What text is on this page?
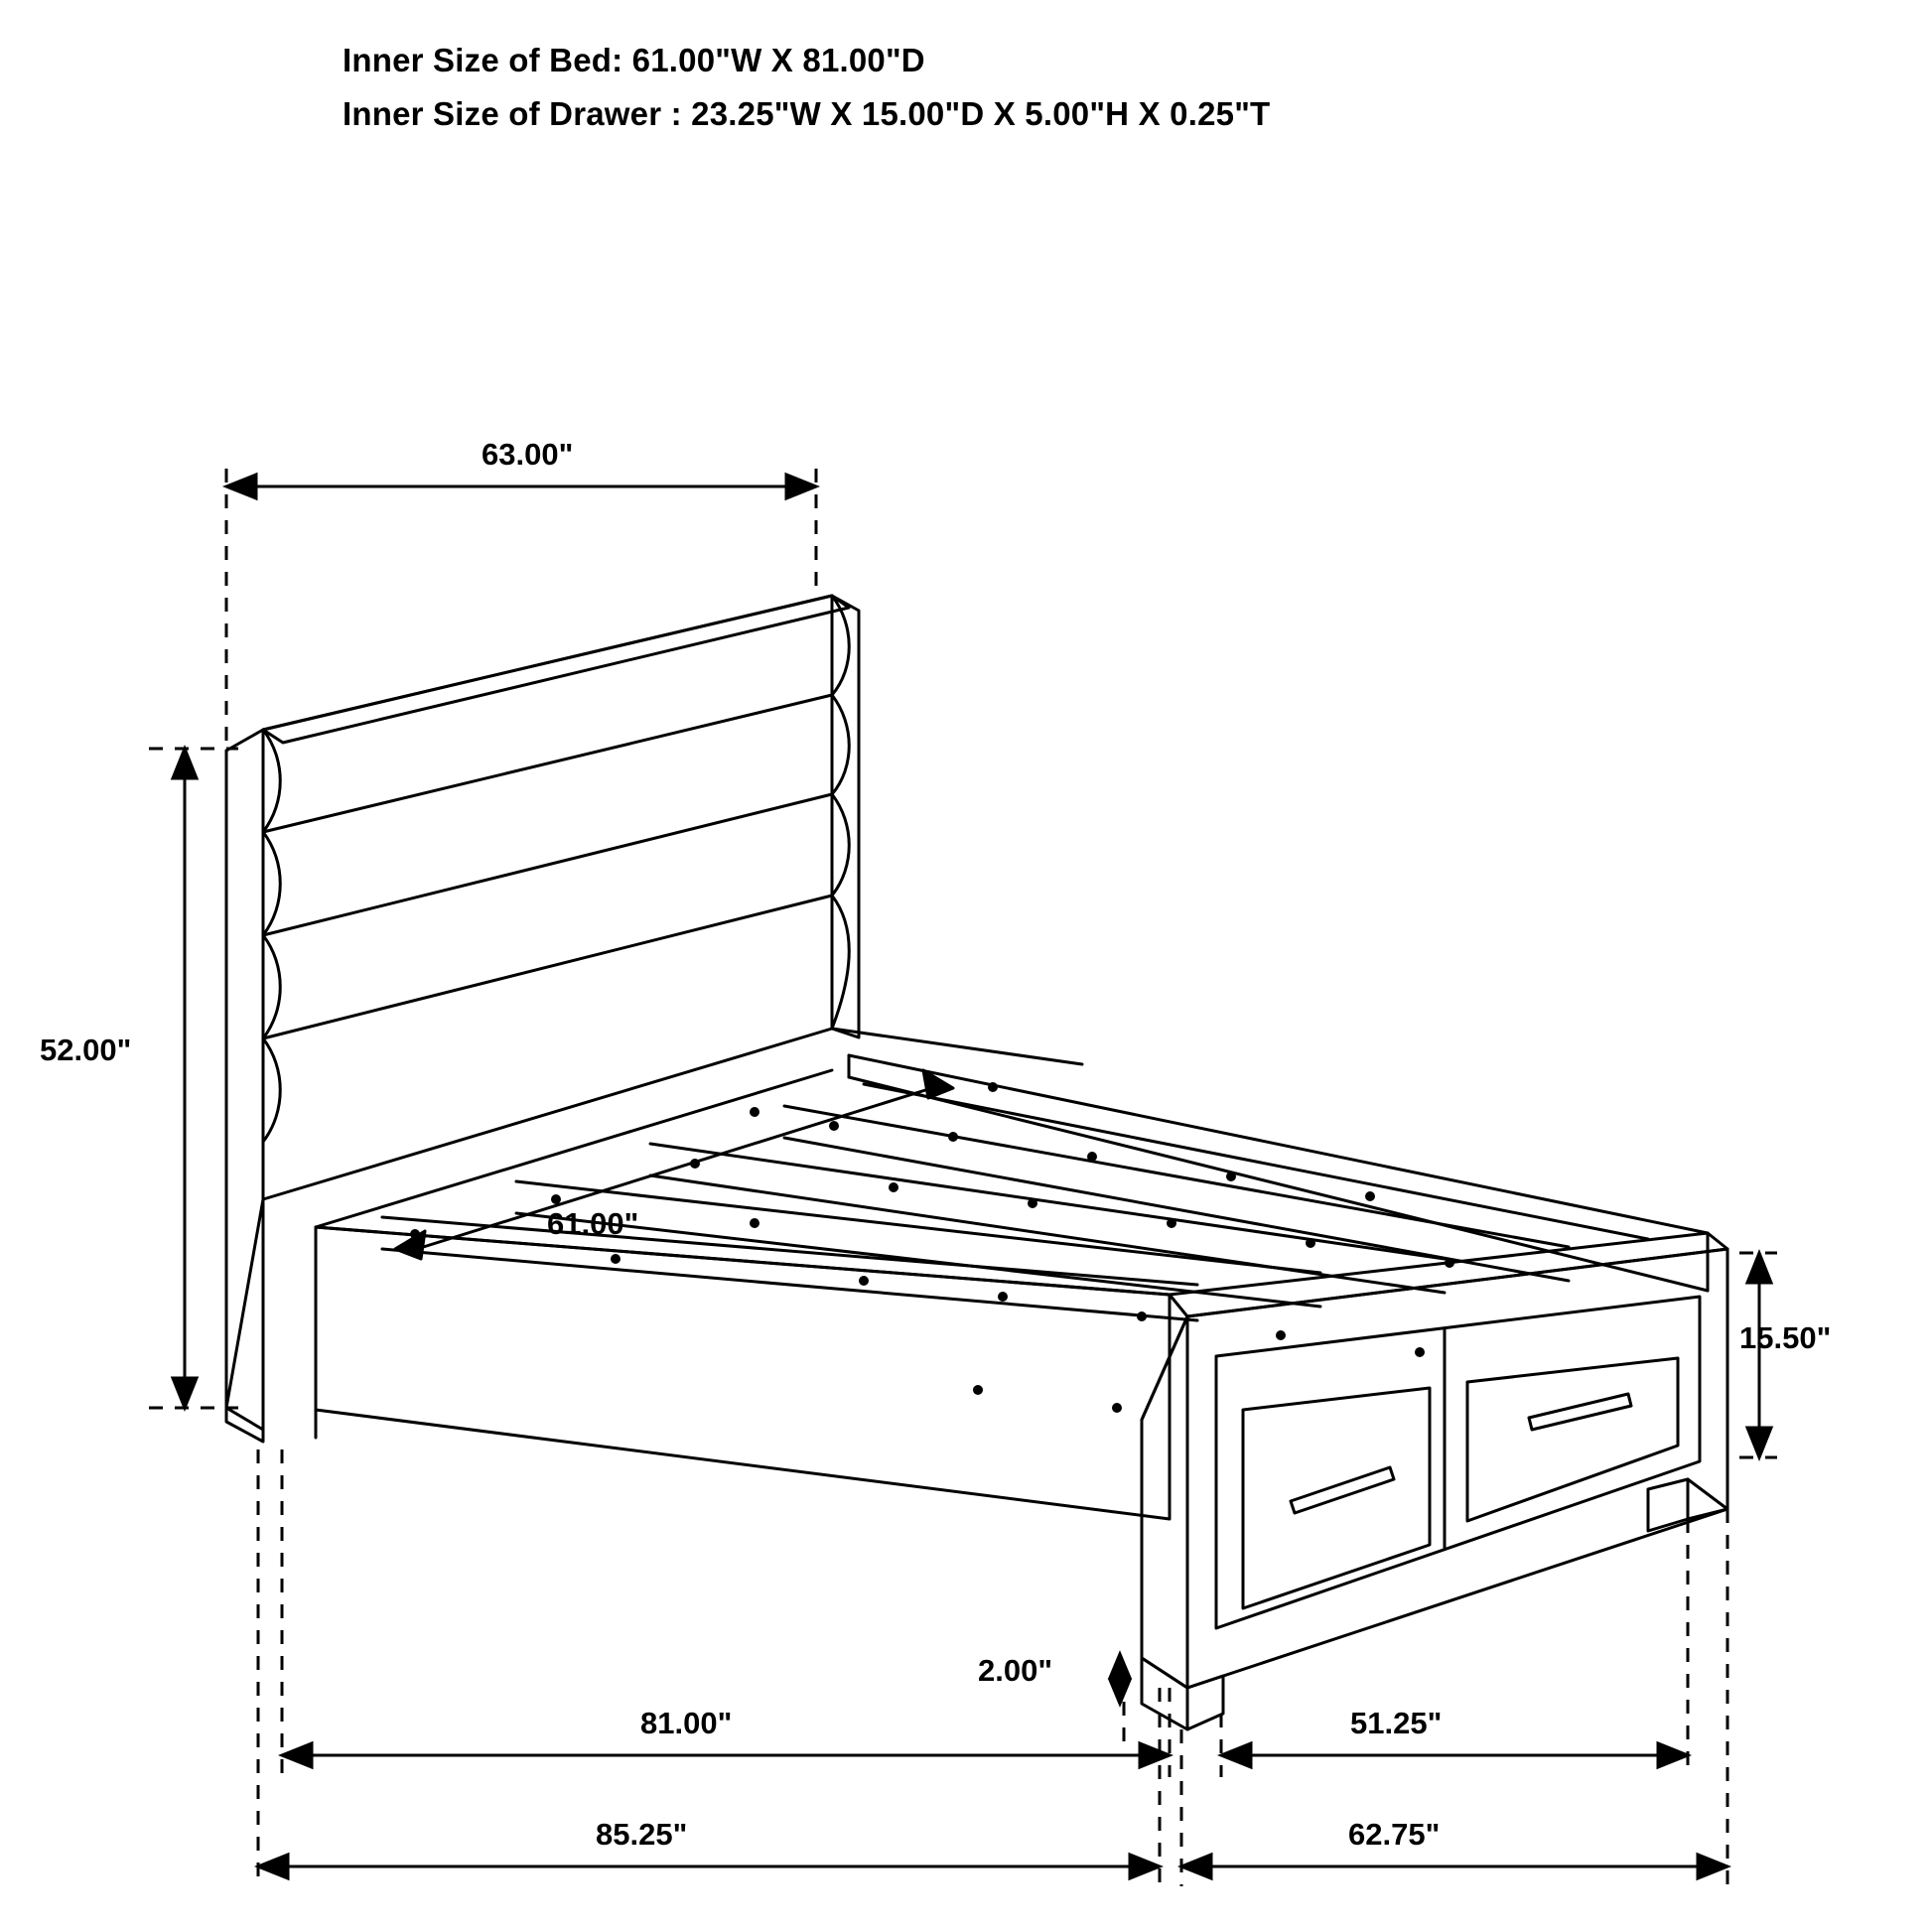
Inner Size of Bed: 61.00"W X 81.00"D
Inner Size of Drawer : 23.25"W X 15.00"D X 5.00"H X 0.25"T
63.00"
52.00"
61.00"
15.50"
2.00"
81.00"	51.25"
85.25"	62.75"
